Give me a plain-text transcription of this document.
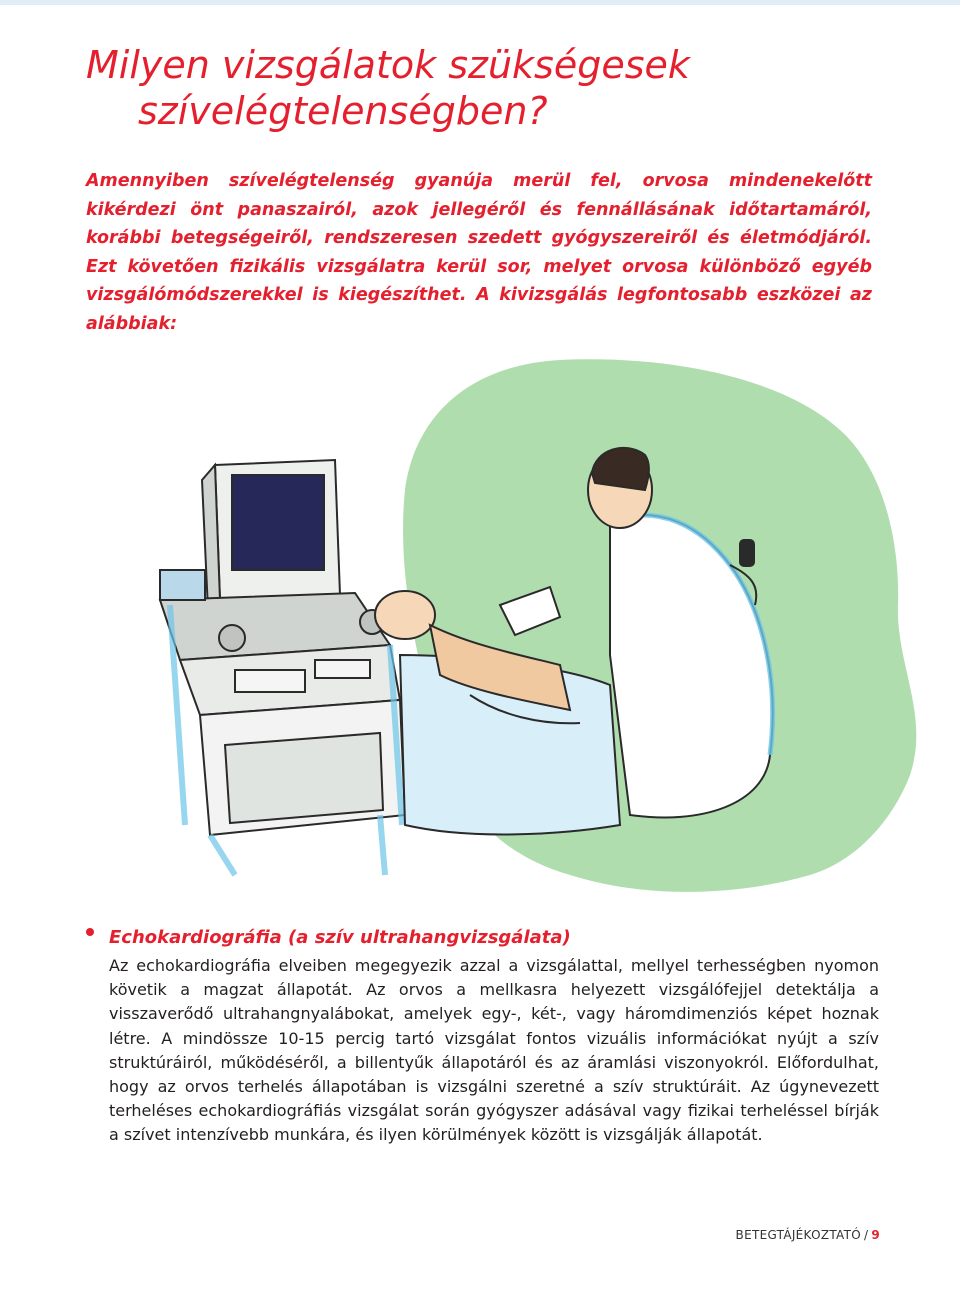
Milyen vizsgálatok szükségesek
szívelégtelenségben?

Amennyiben szívelégtelenség gyanúja merül fel, orvosa mindenekelőtt kikérdezi önt panaszairól, azok jellegéről és fennállásának időtartamáról, korábbi betegségeiről, rendszeresen szedett gyógyszereiről és életmódjáról. Ezt követően fizikális vizsgálatra kerül sor, melyet orvosa különböző egyéb vizsgálómódszerekkel is kiegészíthet. A kivizsgálás legfontosabb eszközei az alábbiak:

Echokardiográfia (a szív ultrahangvizsgálata)

Az echokardiográfia elveiben megegyezik azzal a vizsgálattal, mellyel terhességben nyomon követik a magzat állapotát. Az orvos a mellkasra helyezett vizsgálófejjel detektálja a visszaverődő ultrahangnyalábokat, amelyek egy-, két-, vagy háromdimenziós képet hoznak létre. A mindössze 10-15 percig tartó vizsgálat fontos vizuális információkat nyújt a szív struktúráiról, működéséről, a billentyűk állapotáról és az áramlási viszonyokról. Előfordulhat, hogy az orvos terhelés állapotában is vizsgálni szeretné a szív struktúráit. Az úgynevezett terheléses echokardiográfiás vizsgálat során gyógyszer adásával vagy fizikai terheléssel bírják a szívet intenzívebb munkára, és ilyen körülmények között is vizsgálják állapotát.

BETEGTÁJÉKOZTATÓ / 9
